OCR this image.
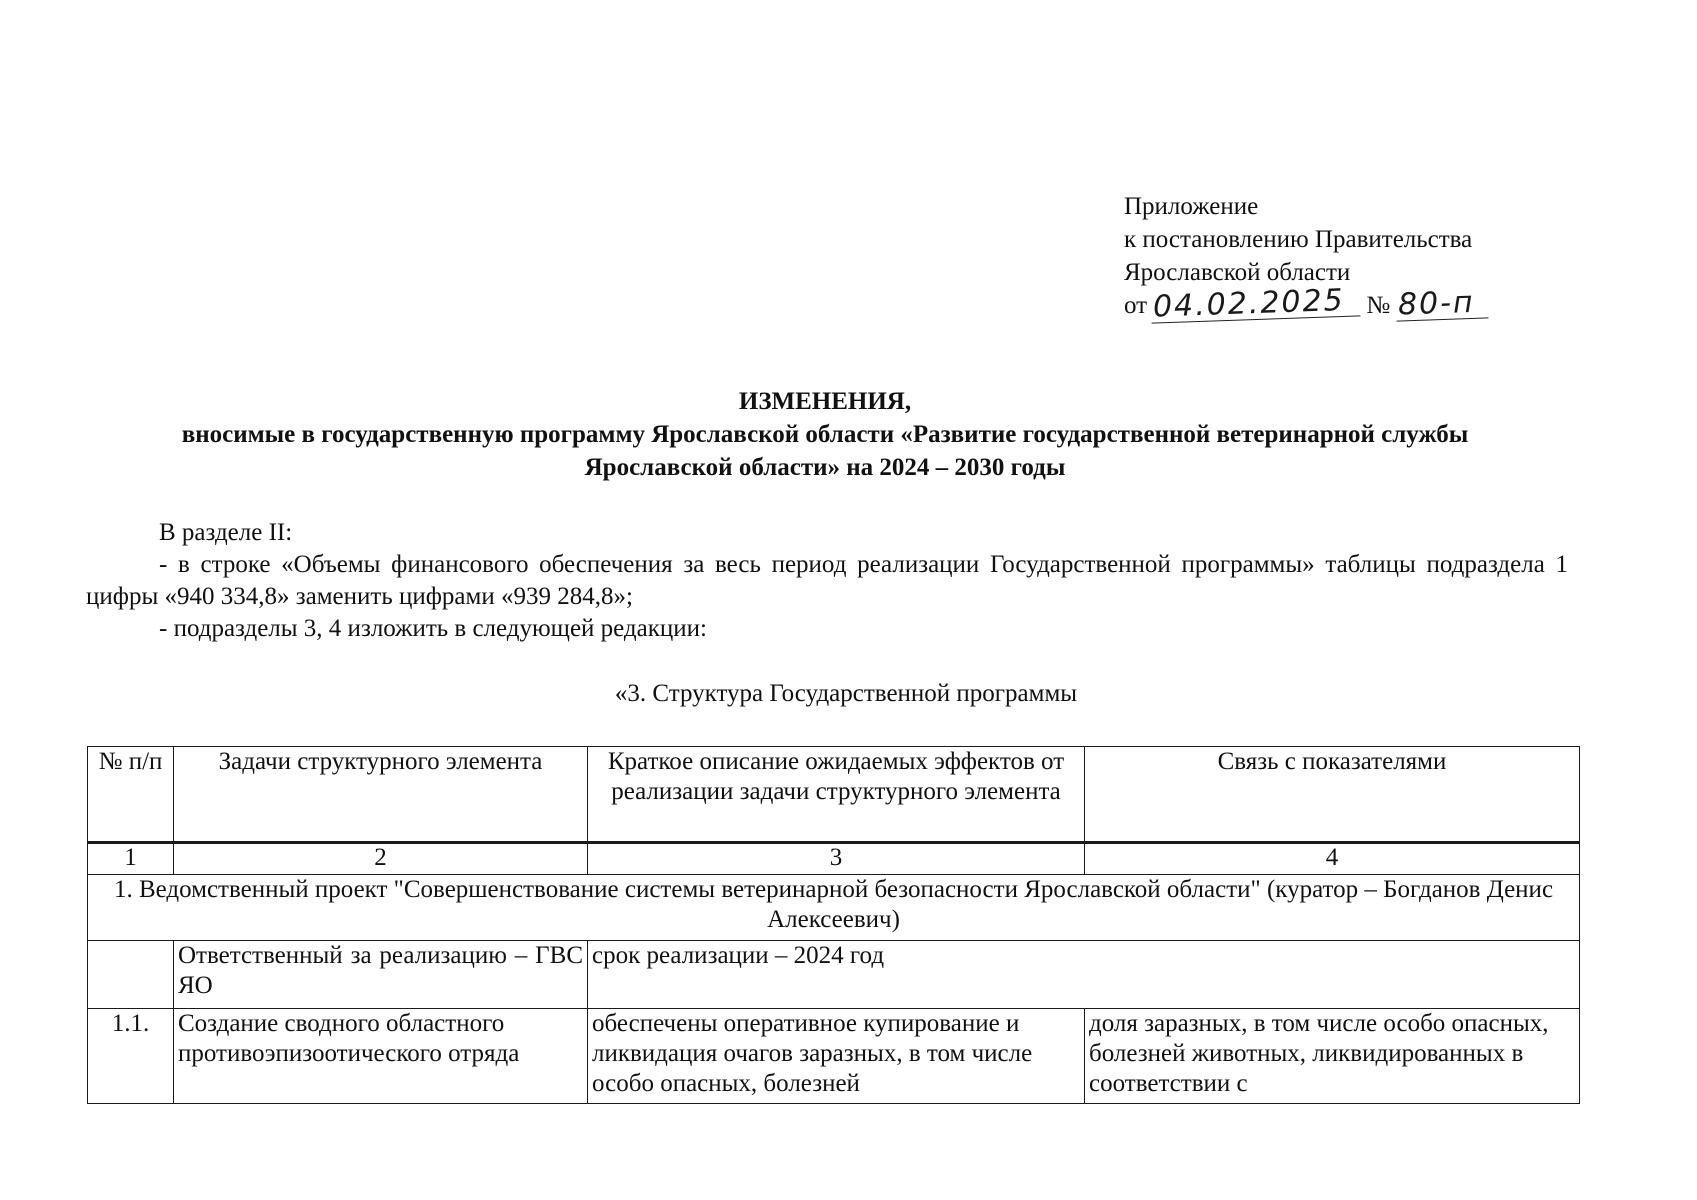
Приложение
к постановлению Правительства
Ярославской области
от 04.02.2025 № 80-п
ИЗМЕНЕНИЯ,
вносимые в государственную программу Ярославской области «Развитие государственной ветеринарной службы
Ярославской области» на 2024 – 2030 годы

В разделе II:

- в строке «Объемы финансового обеспечения за весь период реализации Государственной программы» таблицы подраздела 1 цифры «940 334,8» заменить цифрами «939 284,8»;

- подразделы 3, 4 изложить в следующей редакции:

«3. Структура Государственной программы
№ п/п	Задачи структурного элемента	Краткое описание ожидаемых эффектов от реализации задачи структурного элемента	Связь с показателями
1	2	3	4
1. Ведомственный проект "Совершенствование системы ветеринарной безопасности Ярославской области" (куратор – Богданов Денис Алексеевич)			
	Ответственный за реализацию – ГВС ЯО	срок реализации – 2024 год	
1.1.	Создание сводного областного противоэпизоотического отряда	обеспечены оперативное купирование и ликвидация очагов заразных, в том числе особо опасных, болезней	доля заразных, в том числе особо опасных, болезней животных, ликвидированных в соответствии с
